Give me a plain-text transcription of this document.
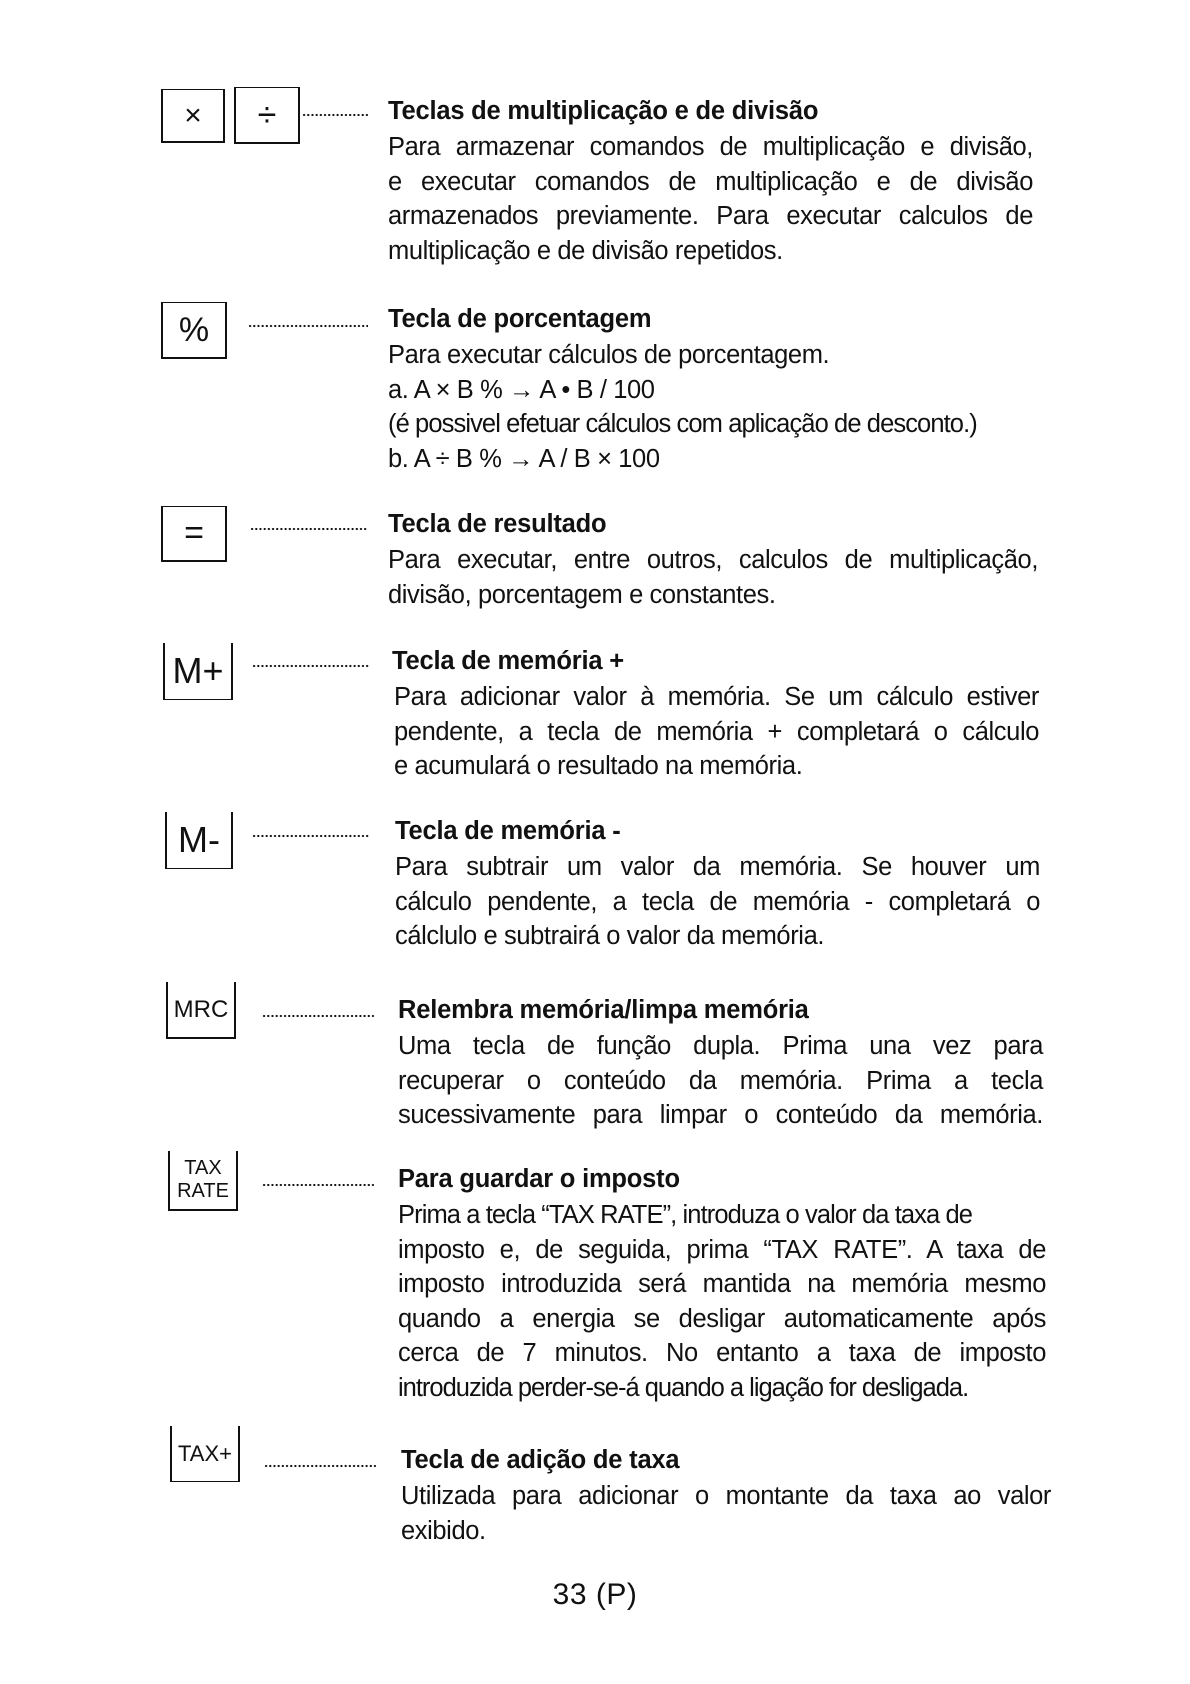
× ÷	Teclas de multiplicação e de divisão
Para armazenar comandos de multiplicação e divisão,
e executar comandos de multiplicação e de divisão
armazenados previamente. Para executar calculos de
multiplicação e de divisão repetidos.
%	Tecla de porcentagem
Para executar cálculos de porcentagem.
a. A × B % → A • B / 100
(é possivel efetuar cálculos com aplicação de desconto.)
b. A ÷ B % → A / B × 100
=	Tecla de resultado
Para executar, entre outros, calculos de multiplicação,
divisão, porcentagem e constantes.
M+	Tecla de memória +
Para adicionar valor à memória. Se um cálculo estiver
pendente, a tecla de memória + completará o cálculo
e acumulará o resultado na memória.
M-	Tecla de memória -
Para subtrair um valor da memória. Se houver um
cálculo pendente, a tecla de memória - completará o
cálclulo e subtrairá o valor da memória.
MRC	Relembra memória/limpa memória
Uma tecla de função dupla. Prima una vez para
recuperar o conteúdo da memória. Prima a tecla
sucessivamente para limpar o conteúdo da memória.
TAX
RATE	Para guardar o imposto
Prima a tecla “TAX RATE”, introduza o valor da taxa de
imposto e, de seguida, prima “TAX RATE”. A taxa de
imposto introduzida será mantida na memória mesmo
quando a energia se desligar automaticamente após
cerca de 7 minutos. No entanto a taxa de imposto
introduzida perder-se-á quando a ligação for desligada.
TAX+	Tecla de adição de taxa
Utilizada para adicionar o montante da taxa ao valor
exibido.
33 (P)
